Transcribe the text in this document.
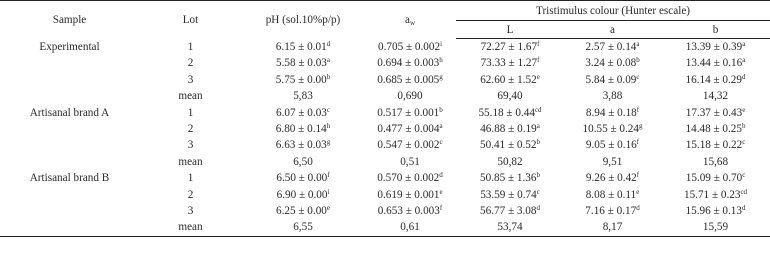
Sample	Lot	pH (sol.10%p/p)	$a_w$	Tristimulus colour (Hunter escale)		
				L	a	b
Experimental	1	6.15 ± 0.01$^d$	$0.705 \pm 0.002^i$	72.27 ± 1.67$^f$	2.57 ± 0.14$^a$	13.39 ± 0.39$^a$
	2	5.58 ± 0.03$^a$	0.694 ± 0.003$^h$	73.33 ± 1.27$^f$	3.24 ± 0.08$^b$	13.44 ± 0.16$^a$
	3	5.75 ± 0.00$^b$	0.685 ± 0.005$^g$	62.60 ± 1.52$^e$	5.84 ± 0.09$^c$	16.14 ± 0.29$^d$
	mean	5,83	0,690	69,40	3,88	14,32
Artisanal brand A	1	6.07 ± 0.03$^c$	0.517 ± 0.001$^b$	55.18 ± 0.44$^{cd}$	8.94 ± 0.18$^f$	17.37 ± 0.43$^e$
	2	6.80 ± 0.14$^h$	0.477 ± 0.004$^a$	46.88 ± 0.19$^a$	10.55 ± 0.24$^g$	14.48 ± 0.25$^b$
	3	6.63 ± 0.03$^g$	0.547 ± 0.002$^c$	50.41 ± 0.52$^b$	9.05 ± 0.16$^f$	15.18 ± 0.22$^c$
	mean	6,50	0,51	50,82	9,51	15,68
Artisanal brand B	1	6.50 ± 0.00$^f$	0.570 ± 0.002$^d$	50.85 ± 1.36$^b$	9.26 ± 0.42$^f$	15.09 ± 0.70$^c$
	2	$6.90 \pm 0.00^i$	0.619 ± 0.001$^e$	53.59 ± 0.74$^c$	8.08 ± 0.11$^e$	15.71 ± 0.23$^{cd}$
	3	6.25 ± 0.00$^e$	0.653 ± 0.003$^f$	56.77 ± 3.08$^d$	7.16 ± 0.17$^d$	15.96 ± 0.13$^d$
	mean	6,55	0,61	53,74	8,17	15,59
